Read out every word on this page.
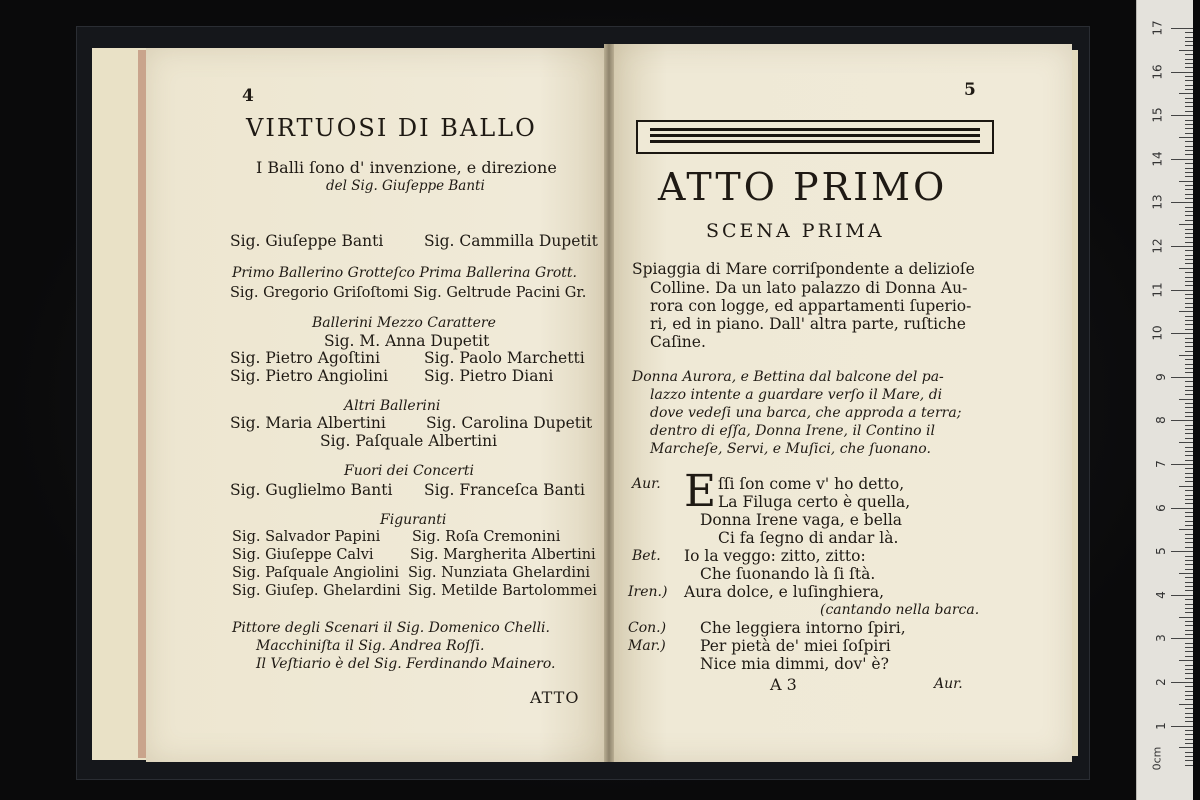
4
VIRTUOSI DI BALLO
I Balli ſono d' invenzione, e direzione
del Sig. Giuſeppe Banti
Sig. Giuſeppe Banti	Sig. Cammilla Dupetit
Primo Ballerino Grotteſco Prima Ballerina Grott.
Sig. Gregorio Griſoſtomi Sig. Geltrude Pacini Gr.
Ballerini Mezzo Carattere
Sig. M. Anna Dupetit
Sig. Pietro Agoſtini	Sig. Paolo Marchetti
Sig. Pietro Angiolini Sig. Pietro Diani
Altri Ballerini
Sig. Maria Albertini	Sig. Carolina Dupetit
Sig. Paſquale Albertini
Fuori dei Concerti
Sig. Guglielmo Banti Sig. Franceſca Banti
Figuranti
Sig. Salvador Papini Sig. Roſa Cremonini
Sig. Giuſeppe Calvi	Sig. Margherita Albertini
Sig. Paſquale Angiolini Sig. Nunziata Ghelardini
Sig. Giuſep. Ghelardini Sig. Metilde Bartolommei
Pittore degli Scenari il Sig. Domenico Chelli.
Macchiniſta il Sig. Andrea Roſſi.
Il Veſtiario è del Sig. Ferdinando Mainero.
ATTO
5
ATTO PRIMO
SCENA PRIMA
Spiaggia di Mare corriſpondente a delizioſe
Colline. Da un lato palazzo di Donna Au-
rora con logge, ed appartamenti ſuperio-
ri, ed in piano. Dall' altra parte, ruſtiche
Caſine.
Donna Aurora, e Bettina dal balcone del pa-
lazzo intente a guardare verſo il Mare, di
dove vedeſi una barca, che approda a terra;
dentro di eſſa, Donna Irene, il Contino il
Marcheſe, Servi, e Muſici, che ſuonano.
Aur. E ſſi ſon come v' ho detto,
La Filuga certo è quella,
Donna Irene vaga, e bella
Ci fa ſegno di andar là.
Bet. Io la veggo: zitto, zitto:
Che ſuonando là ſi ſtà.
Iren.) Aura dolce, e luſinghiera,
(cantando nella barca.
Con.) Che leggiera intorno ſpiri,
Mar.) Per pietà de' miei ſoſpiri
Nice mia dimmi, dov' è?
A 3	Aur.
17
16
15
14
13
12
11
10
9
8
7
6
5
4
3
2
1
0cm
